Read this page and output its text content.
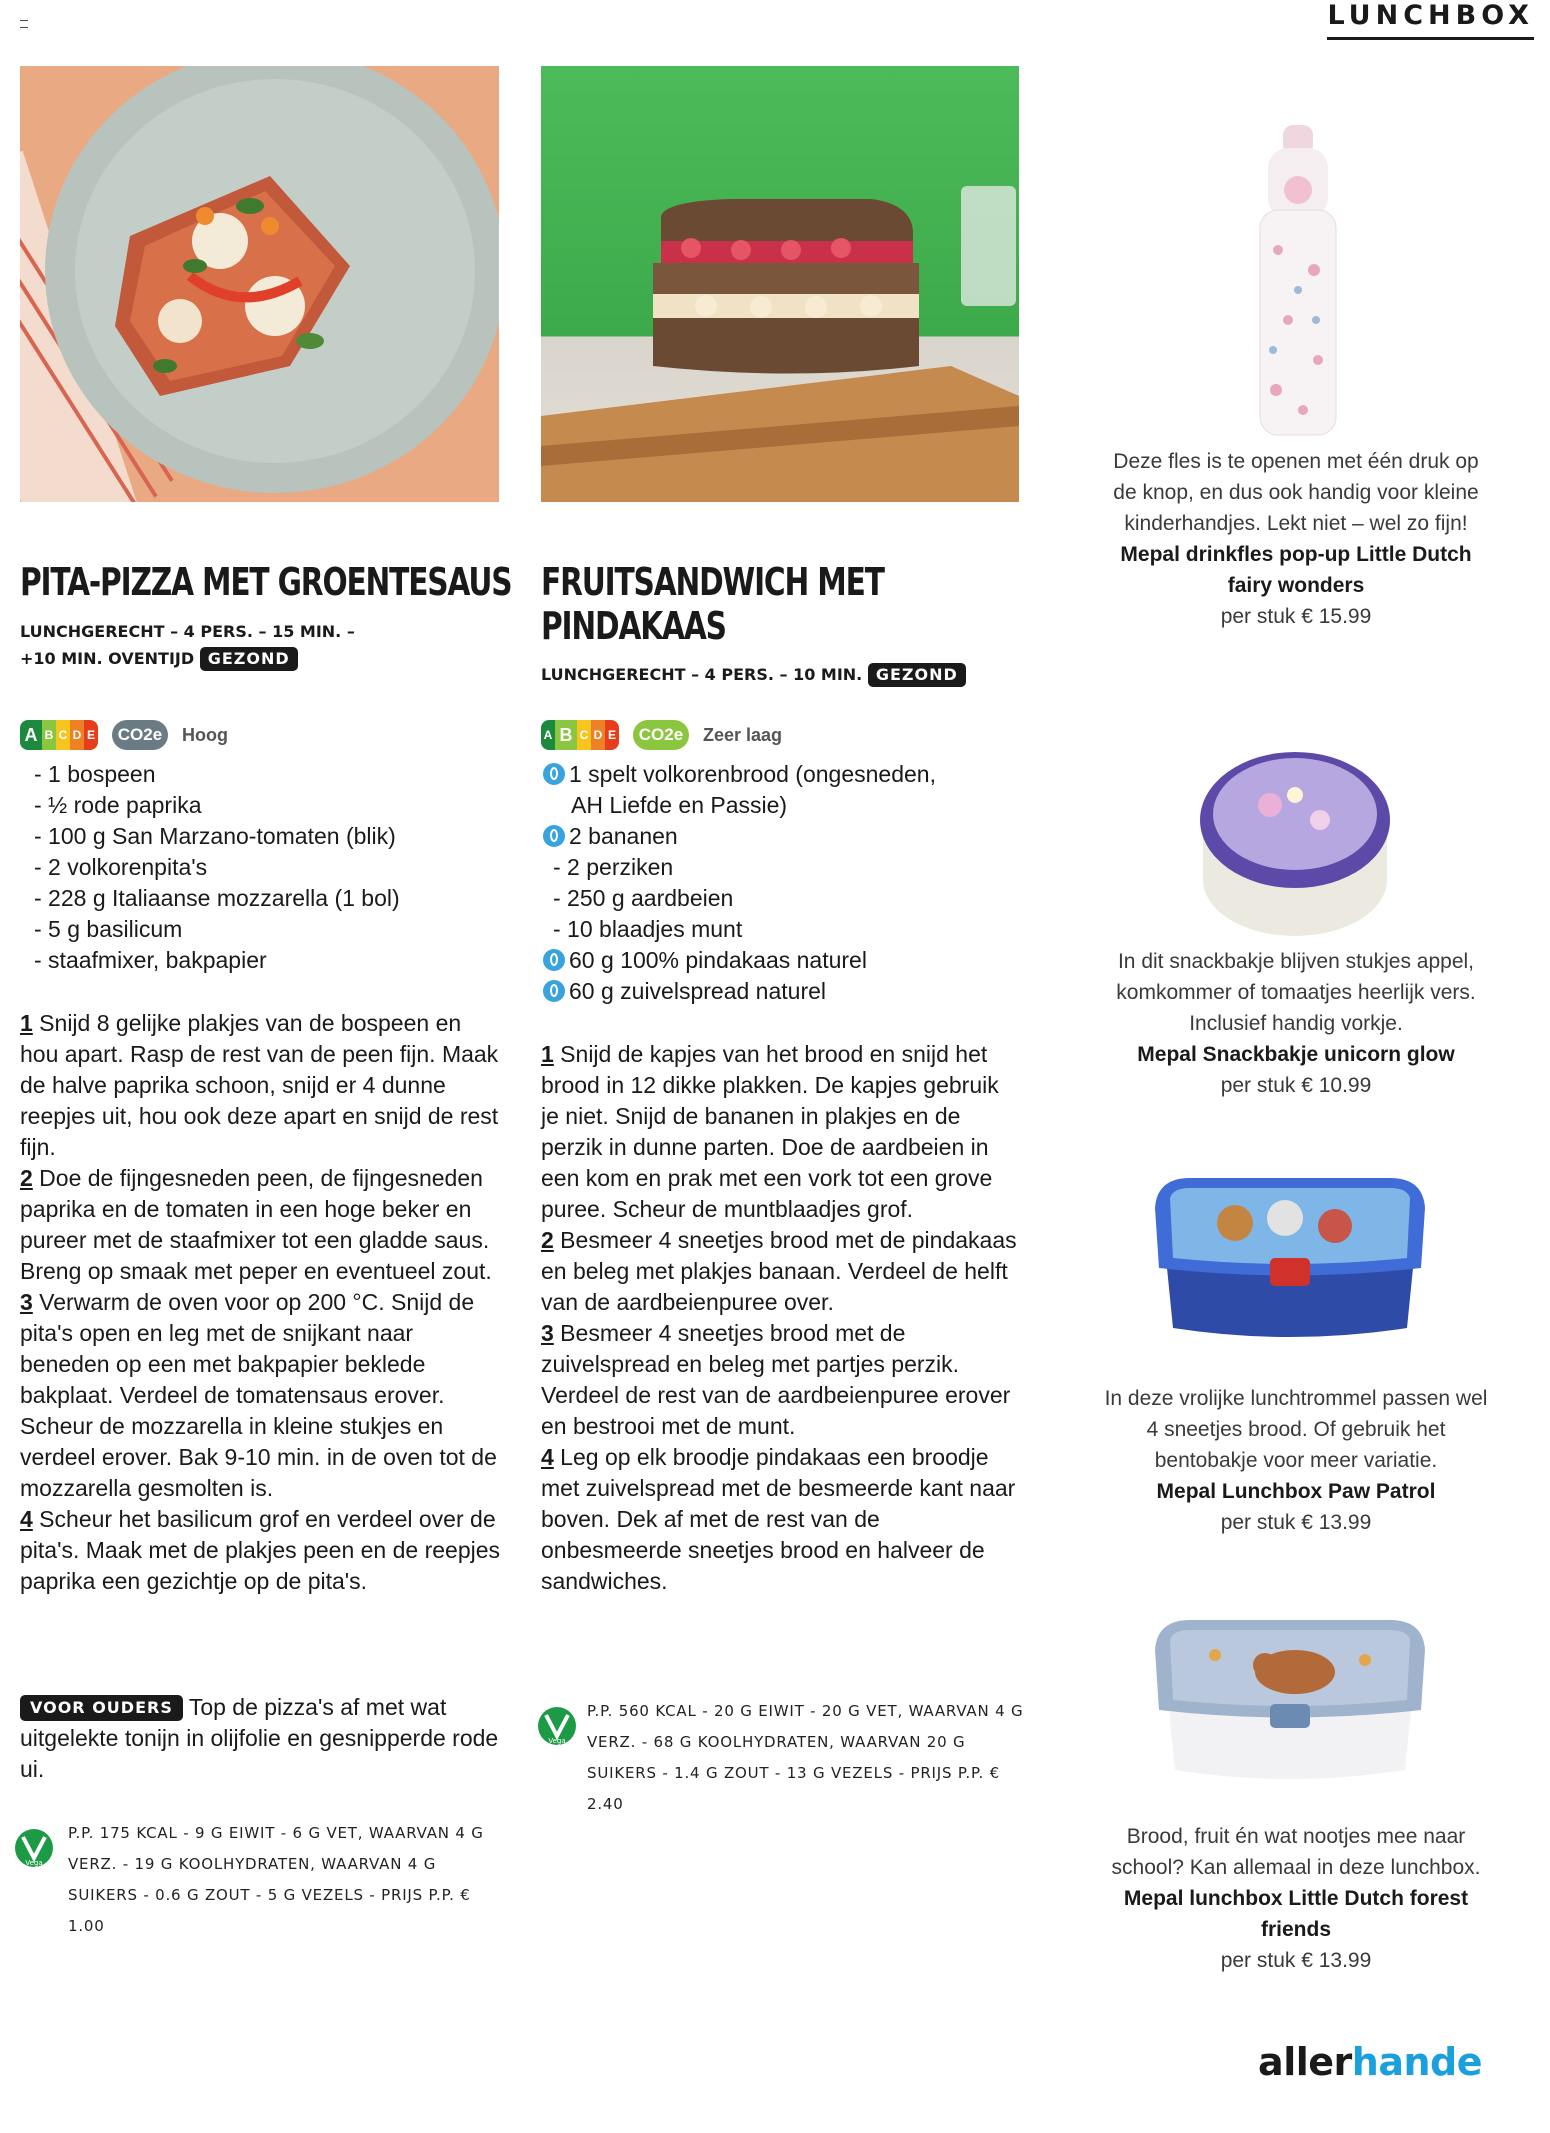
LUNCHBOX
PITA-PIZZA MET GROENTESAUS
LUNCHGERECHT – 4 PERS. – 15 MIN. –
+10 MIN. OVENTIJD GEZOND
A B C D E	CO2e	Hoog
- 1 bospeen
- ½ rode paprika
- 100 g San Marzano-tomaten (blik)
- 2 volkorenpita's
- 228 g Italiaanse mozzarella (1 bol)
- 5 g basilicum
- staafmixer, bakpapier
1 Snijd 8 gelijke plakjes van de bospeen en hou apart. Rasp de rest van de peen fijn. Maak de halve paprika schoon, snijd er 4 dunne reepjes uit, hou ook deze apart en snijd de rest fijn.
2 Doe de fijngesneden peen, de fijngesneden paprika en de tomaten in een hoge beker en pureer met de staafmixer tot een gladde saus. Breng op smaak met peper en eventueel zout.
3 Verwarm de oven voor op 200 °C. Snijd de pita's open en leg met de snijkant naar beneden op een met bakpapier beklede bakplaat. Verdeel de tomatensaus erover. Scheur de mozzarella in kleine stukjes en verdeel erover. Bak 9-10 min. in de oven tot de mozzarella gesmolten is.
4 Scheur het basilicum grof en verdeel over de pita's. Maak met de plakjes peen en de reepjes paprika een gezichtje op de pita's.
VOOR OUDERS Top de pizza's af met wat uitgelekte tonijn in olijfolie en gesnipperde rode ui.
Vega
P.P. 175 KCAL - 9 G EIWIT - 6 G VET, WAARVAN 4 G VERZ. - 19 G KOOLHYDRATEN, WAARVAN 4 G SUIKERS - 0.6 G ZOUT - 5 G VEZELS - PRIJS P.P. € 1.00
FRUITSANDWICH MET
PINDAKAAS
LUNCHGERECHT – 4 PERS. – 10 MIN. GEZOND
A B C D E	CO2e	Zeer laag
1 spelt volkorenbrood (ongesneden,
AH Liefde en Passie)
2 bananen
- 2 perziken
- 250 g aardbeien
- 10 blaadjes munt
60 g 100% pindakaas naturel
60 g zuivelspread naturel
1 Snijd de kapjes van het brood en snijd het brood in 12 dikke plakken. De kapjes gebruik je niet. Snijd de bananen in plakjes en de perzik in dunne parten. Doe de aardbeien in een kom en prak met een vork tot een grove puree. Scheur de muntblaadjes grof.
2 Besmeer 4 sneetjes brood met de pindakaas en beleg met plakjes banaan. Verdeel de helft van de aardbeienpuree over.
3 Besmeer 4 sneetjes brood met de zuivelspread en beleg met partjes perzik. Verdeel de rest van de aardbeienpuree erover en bestrooi met de munt.
4 Leg op elk broodje pindakaas een broodje met zuivelspread met de besmeerde kant naar boven. Dek af met de rest van de onbesmeerde sneetjes brood en halveer de sandwiches.
Vega
P.P. 560 KCAL - 20 G EIWIT - 20 G VET, WAARVAN 4 G VERZ. - 68 G KOOLHYDRATEN, WAARVAN 20 G SUIKERS - 1.4 G ZOUT - 13 G VEZELS - PRIJS P.P. € 2.40
Deze fles is te openen met één druk op de knop, en dus ook handig voor kleine kinderhandjes. Lekt niet – wel zo fijn!
Mepal drinkfles pop-up Little Dutch fairy wonders
per stuk € 15.99
In dit snackbakje blijven stukjes appel, komkommer of tomaatjes heerlijk vers. Inclusief handig vorkje.
Mepal Snackbakje unicorn glow
per stuk € 10.99
In deze vrolijke lunchtrommel passen wel 4 sneetjes brood. Of gebruik het bentobakje voor meer variatie.
Mepal Lunchbox Paw Patrol
per stuk € 13.99
Brood, fruit én wat nootjes mee naar school? Kan allemaal in deze lunchbox.
Mepal lunchbox Little Dutch forest friends
per stuk € 13.99
allerhande
